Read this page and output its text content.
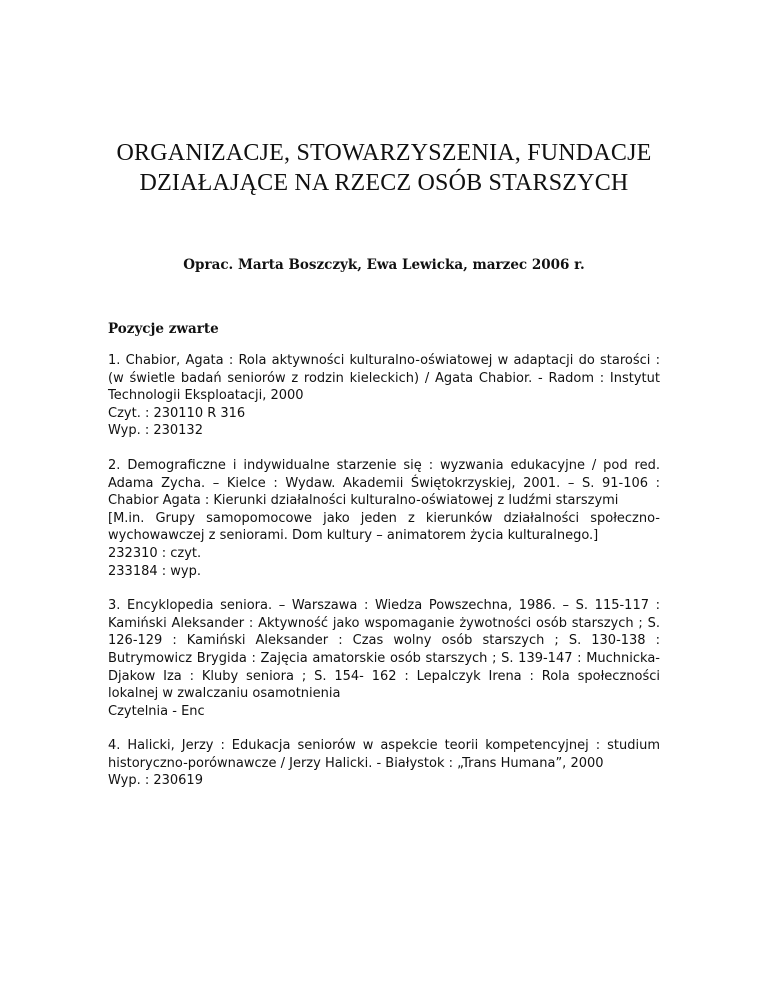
ORGANIZACJE, STOWARZYSZENIA, FUNDACJE
DZIAŁAJĄCE NA RZECZ OSÓB STARSZYCH

Oprac. Marta Boszczyk, Ewa Lewicka, marzec 2006 r.

Pozycje zwarte

1. Chabior, Agata : Rola aktywności kulturalno-oświatowej w adaptacji do starości : (w świetle badań seniorów z rodzin kieleckich) / Agata Chabior. - Radom : Instytut Technologii Eksploatacji, 2000

Czyt. : 230110 R 316

Wyp. : 230132

2. Demograficzne i indywidualne starzenie się : wyzwania edukacyjne / pod red. Adama Zycha. – Kielce : Wydaw. Akademii Świętokrzyskiej, 2001. – S. 91-106 :

Chabior Agata : Kierunki działalności kulturalno-oświatowej z ludźmi starszymi

[M.in. Grupy samopomocowe jako jeden z kierunków działalności społeczno-wychowawczej z seniorami. Dom kultury – animatorem życia kulturalnego.]

232310 : czyt.

233184 : wyp.

3. Encyklopedia seniora. – Warszawa : Wiedza Powszechna, 1986. – S. 115-117 : Kamiński Aleksander : Aktywność jako wspomaganie żywotności osób starszych ; S. 126-129 : Kamiński Aleksander : Czas wolny osób starszych ; S. 130-138 : Butrymowicz Brygida : Zajęcia amatorskie osób starszych ; S. 139-147 : Muchnicka-Djakow Iza : Kluby seniora ; S. 154- 162 : Lepalczyk Irena : Rola społeczności lokalnej w zwalczaniu osamotnienia

Czytelnia - Enc

4. Halicki, Jerzy : Edukacja seniorów w aspekcie teorii kompetencyjnej : studium historyczno-porównawcze / Jerzy Halicki. - Białystok : „Trans Humana”, 2000

Wyp. : 230619
